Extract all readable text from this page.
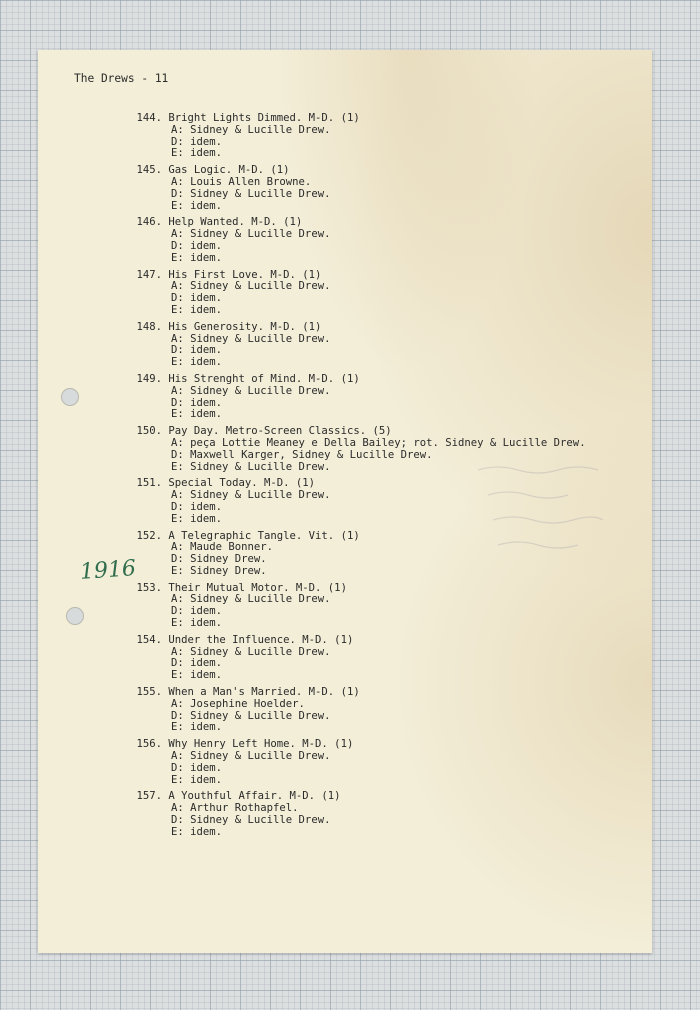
The Drews - 11
144. Bright Lights Dimmed. M-D. (1)
A: Sidney & Lucille Drew.
D: idem.
E: idem.
145. Gas Logic. M-D. (1)
A: Louis Allen Browne.
D: Sidney & Lucille Drew.
E: idem.
146. Help Wanted. M-D. (1)
A: Sidney & Lucille Drew.
D: idem.
E: idem.
147. His First Love. M-D. (1)
A: Sidney & Lucille Drew.
D: idem.
E: idem.
148. His Generosity. M-D. (1)
A: Sidney & Lucille Drew.
D: idem.
E: idem.
149. His Strenght of Mind. M-D. (1)
A: Sidney & Lucille Drew.
D: idem.
E: idem.
150. Pay Day. Metro-Screen Classics. (5)
A: peça Lottie Meaney e Della Bailey; rot. Sidney & Lucille Drew.
D: Maxwell Karger, Sidney & Lucille Drew.
E: Sidney & Lucille Drew.
151. Special Today. M-D. (1)
A: Sidney & Lucille Drew.
D: idem.
E: idem.
152. A Telegraphic Tangle. Vit. (1)
A: Maude Bonner.
D: Sidney Drew.
E: Sidney Drew.
153. Their Mutual Motor. M-D. (1)
A: Sidney & Lucille Drew.
D: idem.
E: idem.
154. Under the Influence. M-D. (1)
A: Sidney & Lucille Drew.
D: idem.
E: idem.
155. When a Man's Married. M-D. (1)
A: Josephine Hoelder.
D: Sidney & Lucille Drew.
E: idem.
156. Why Henry Left Home. M-D. (1)
A: Sidney & Lucille Drew.
D: idem.
E: idem.
157. A Youthful Affair. M-D. (1)
A: Arthur Rothapfel.
D: Sidney & Lucille Drew.
E: idem.
1916
